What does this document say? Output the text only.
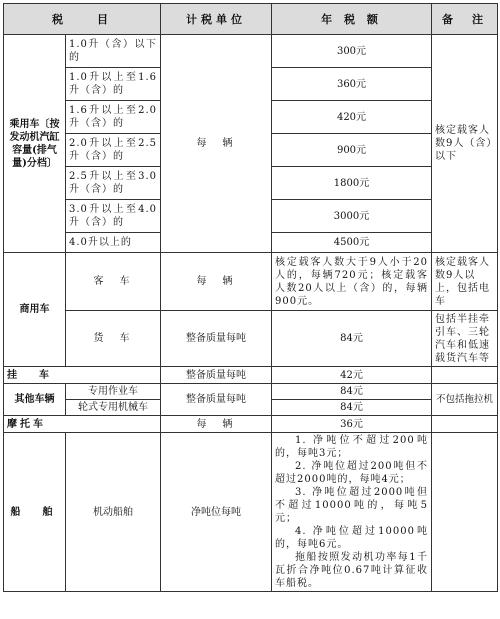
税　　目		计税单位	年 税 额	备　注
乘用车〔按发动机汽缸容量(排气量)分档〕	1.0升（含）以下的	每　辆	300元	核定载客人数9人（含）以下
	1.0升以上至1.6升（含）的		360元	
	1.6升以上至2.0升（含）的		420元	
	2.0升以上至2.5升（含）的		900元	
	2.5升以上至3.0升（含）的		1800元	
	3.0升以上至4.0升（含）的		3000元	
	4.0升以上的		4500元	
商用车	客　车	每　辆	核定载客人数大于9人小于20人的，每辆720元；核定载客人数20人以上（含）的，每辆900元。	核定载客人数9人以上，包括电车
	货　车	整备质量每吨	84元	包括半挂牵引车、三轮汽车和低速载货汽车等
挂　车		整备质量每吨	42元	
其他车辆	专用作业车	整备质量每吨	84元	不包括拖拉机
	轮式专用机械车		84元	
摩托车		每　辆	36元	
船　舶	机动船舶	净吨位每吨	1. 净吨位不超过200吨的，每吨3元；
2. 净吨位超过200吨但不超过2000吨的，每吨4元；
3. 净吨位超过2000吨但不超过10000吨的，每吨5元；
4. 净吨位超过10000吨的，每吨6元。
拖船按照发动机功率每1千瓦折合净吨位0.67吨计算征收车船税。	
